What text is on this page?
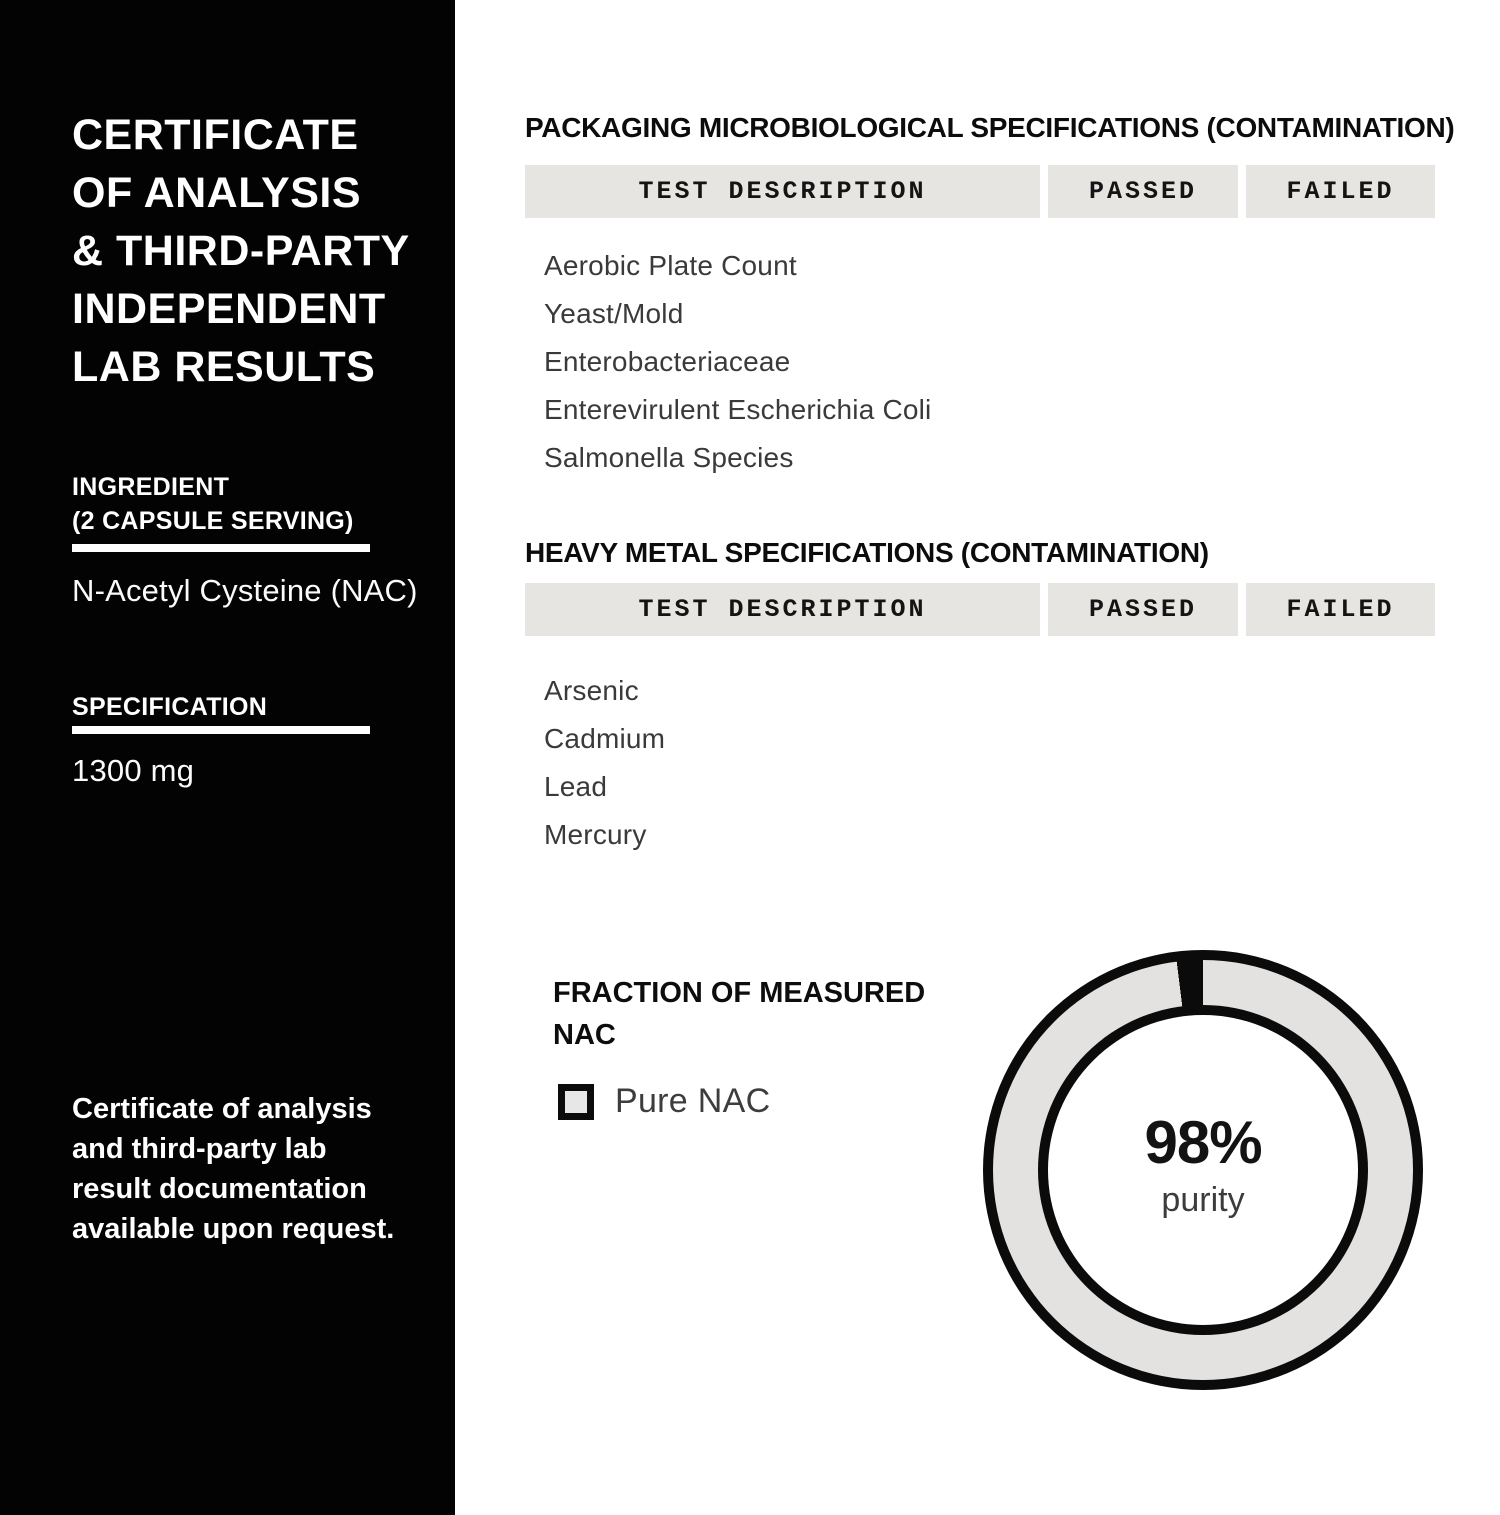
CERTIFICATE
OF ANALYSIS
& THIRD-PARTY
INDEPENDENT
LAB RESULTS
INGREDIENT
(2 CAPSULE SERVING)
N-Acetyl Cysteine (NAC)
SPECIFICATION
1300 mg

Certificate of analysis and third-party lab result documentation available upon request.

PACKAGING MICROBIOLOGICAL SPECIFICATIONS (CONTAMINATION)
TEST DESCRIPTION	PASSED	FAILED
Aerobic Plate Count
Yeast/Mold
Enterobacteriaceae
Enterevirulent Escherichia Coli
Salmonella Species
HEAVY METAL SPECIFICATIONS (CONTAMINATION)
TEST DESCRIPTION	PASSED	FAILED
Arsenic
Cadmium
Lead
Mercury
FRACTION OF MEASURED
NAC
Pure NAC
98%
purity
